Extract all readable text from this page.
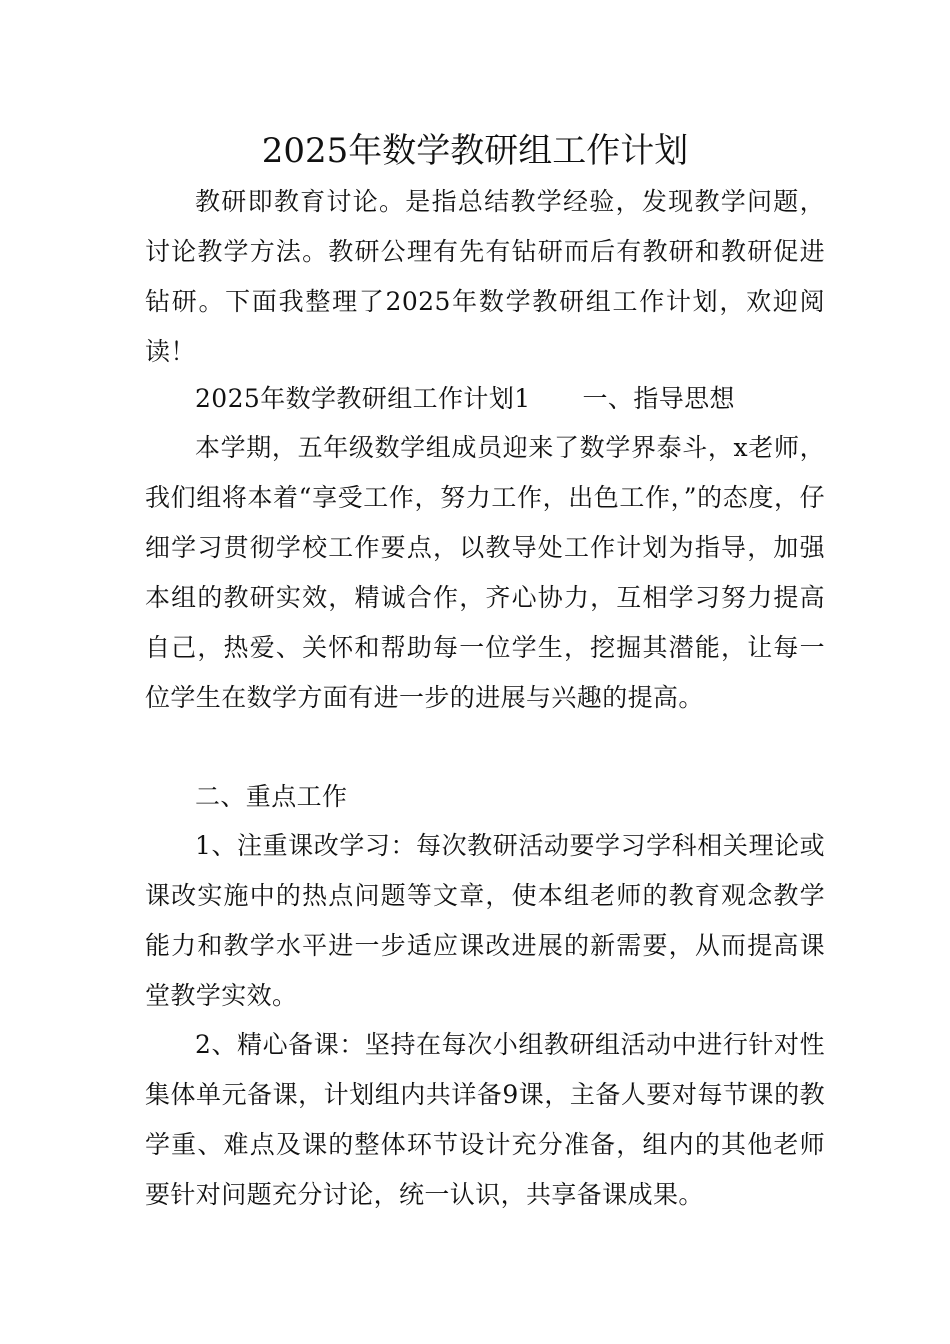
2025年数学教研组工作计划

教研即教育讨论。是指总结教学经验，发现教学问题，讨论教学方法。教研公理有先有钻研而后有教研和教研促进钻研。下面我整理了2025年数学教研组工作计划，欢迎阅读！

2025年数学教研组工作计划1 一、指导思想

本学期，五年级数学组成员迎来了数学界泰斗，x老师，我们组将本着“享受工作，努力工作，出色工作，”的态度，仔细学习贯彻学校工作要点，以教导处工作计划为指导，加强本组的教研实效，精诚合作，齐心协力，互相学习努力提高自己，热爱、关怀和帮助每一位学生，挖掘其潜能，让每一位学生在数学方面有进一步的进展与兴趣的提高。

二、重点工作

1、注重课改学习：每次教研活动要学习学科相关理论或课改实施中的热点问题等文章，使本组老师的教育观念教学能力和教学水平进一步适应课改进展的新需要，从而提高课堂教学实效。

2、精心备课：坚持在每次小组教研组活动中进行针对性集体单元备课，计划组内共详备9课，主备人要对每节课的教学重、难点及课的整体环节设计充分准备，组内的其他老师要针对问题充分讨论，统一认识，共享备课成果。
